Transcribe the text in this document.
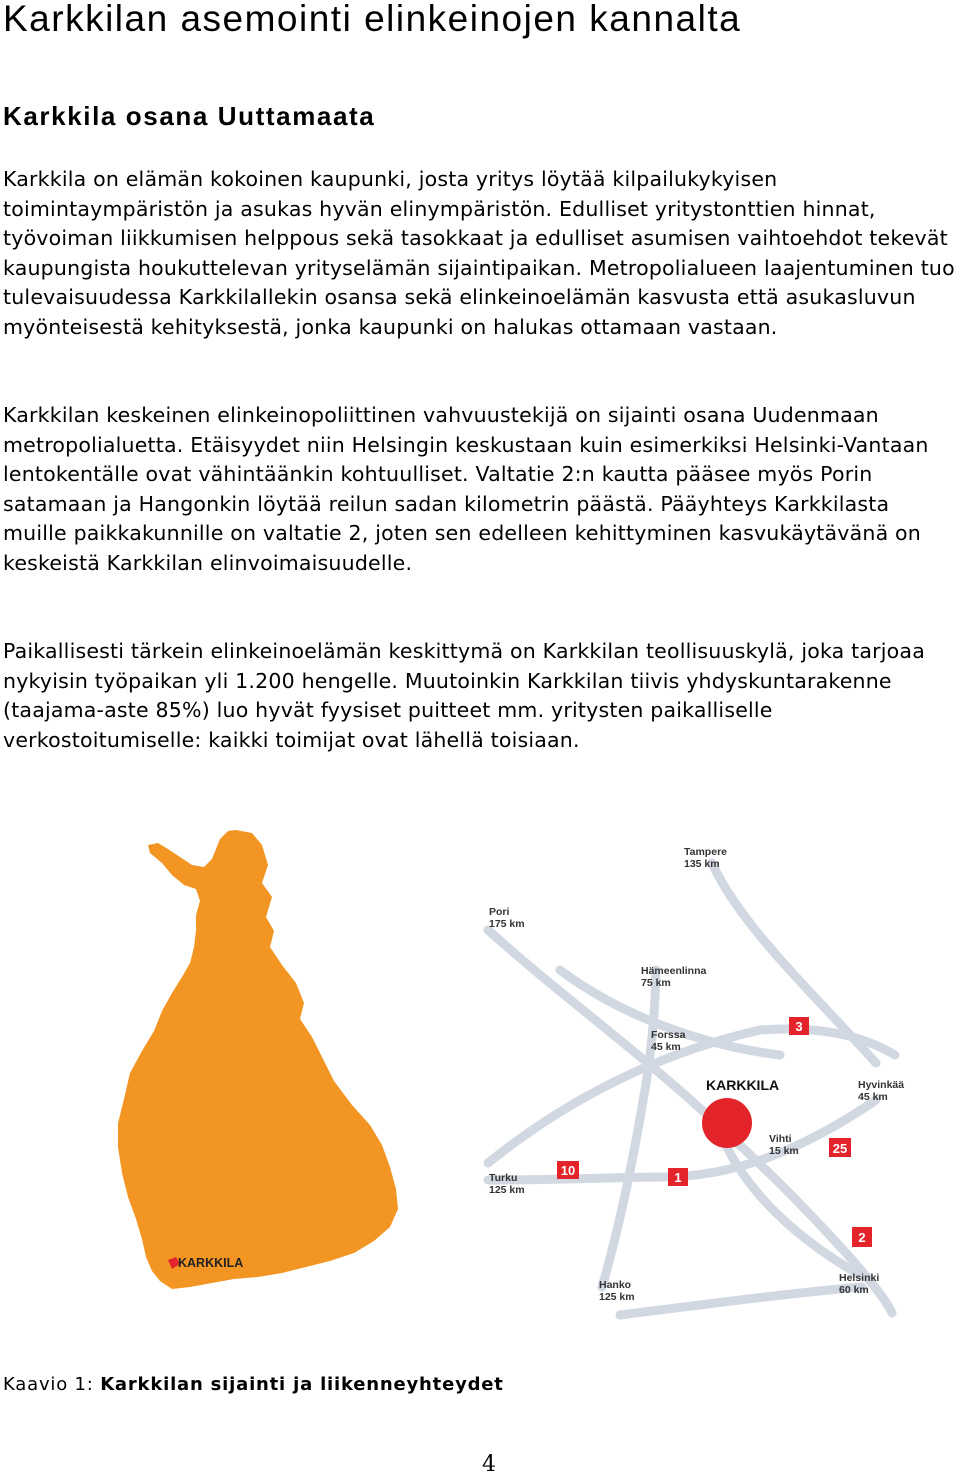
Karkkilan asemointi elinkeinojen kannalta
Karkkila osana Uuttamaata

Karkkila on elämän kokoinen kaupunki, josta yritys löytää kilpailukykyisen toimintaympäristön ja asukas hyvän elinympäristön. Edulliset yritystonttien hinnat, työvoiman liikkumisen helppous sekä tasokkaat ja edulliset asumisen vaihtoehdot tekevät kaupungista houkuttelevan yrityselämän sijaintipaikan. Metropolialueen laajentuminen tuo tulevaisuudessa Karkkilallekin osansa sekä elinkeinoelämän kasvusta että asukasluvun myönteisestä kehityksestä, jonka kaupunki on halukas ottamaan vastaan.

Karkkilan keskeinen elinkeinopoliittinen vahvuustekijä on sijainti osana Uudenmaan metropolialuetta. Etäisyydet niin Helsingin keskustaan kuin esimerkiksi Helsinki-Vantaan lentokentälle ovat vähintäänkin kohtuulliset. Valtatie 2:n kautta pääsee myös Porin satamaan ja Hangonkin löytää reilun sadan kilometrin päästä. Pääyhteys Karkkilasta muille paikkakunnille on valtatie 2, joten sen edelleen kehittyminen kasvukäytävänä on keskeistä Karkkilan elinvoimaisuudelle.

Paikallisesti tärkein elinkeinoelämän keskittymä on Karkkilan teollisuuskylä, joka tarjoaa nykyisin työpaikan yli 1.200 hengelle. Muutoinkin Karkkilan tiivis yhdyskuntarakenne (taajama-aste 85%) luo hyvät fyysiset puitteet mm. yritysten paikalliselle verkostoitumiselle: kaikki toimijat ovat lähellä toisiaan.

KARKKILA
KARKKILA
10
3
25
1
2
Tampere
135 km
Pori
175 km
Hämeenlinna
75 km
Forssa
45 km
Hyvinkää
45 km
Vihti
15 km
Turku
125 km
Hanko
125 km
Helsinki
60 km
Kaavio 1: Karkkilan sijainti ja liikenneyhteydet
4
